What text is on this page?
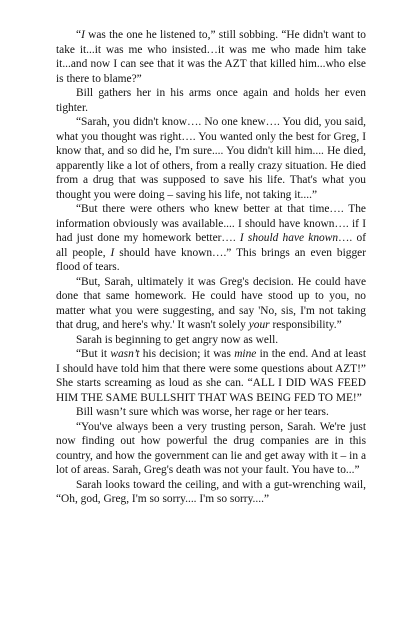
“I was the one he listened to,” still sobbing. “He didn't want to take it...it was me who insisted…it was me who made him take it...and now I can see that it was the AZT that killed him...who else is there to blame?”

Bill gathers her in his arms once again and holds her even tighter.

“Sarah, you didn't know…. No one knew…. You did, you said, what you thought was right…. You wanted only the best for Greg, I know that, and so did he, I'm sure.... You didn't kill him.... He died, apparently like a lot of others, from a really crazy situation. He died from a drug that was supposed to save his life. That's what you thought you were doing – saving his life, not taking it....”

“But there were others who knew better at that time…. The information obviously was available.... I should have known…. if I had just done my homework better…. I should have known…. of all people, I should have known….” This brings an even bigger flood of tears.

“But, Sarah, ultimately it was Greg's decision. He could have done that same homework. He could have stood up to you, no matter what you were suggesting, and say 'No, sis, I'm not taking that drug, and here's why.' It wasn't solely your responsibility.”

Sarah is beginning to get angry now as well.

“But it wasn’t his decision; it was mine in the end. And at least I should have told him that there were some questions about AZT!” She starts screaming as loud as she can. “ALL I DID WAS FEED HIM THE SAME BULLSHIT THAT WAS BEING FED TO ME!”

Bill wasn’t sure which was worse, her rage or her tears.

“You've always been a very trusting person, Sarah. We're just now finding out how powerful the drug companies are in this country, and how the government can lie and get away with it – in a lot of areas. Sarah, Greg's death was not your fault. You have to...”

Sarah looks toward the ceiling, and with a gut-wrenching wail, “Oh, god, Greg, I'm so sorry.... I'm so sorry....”
